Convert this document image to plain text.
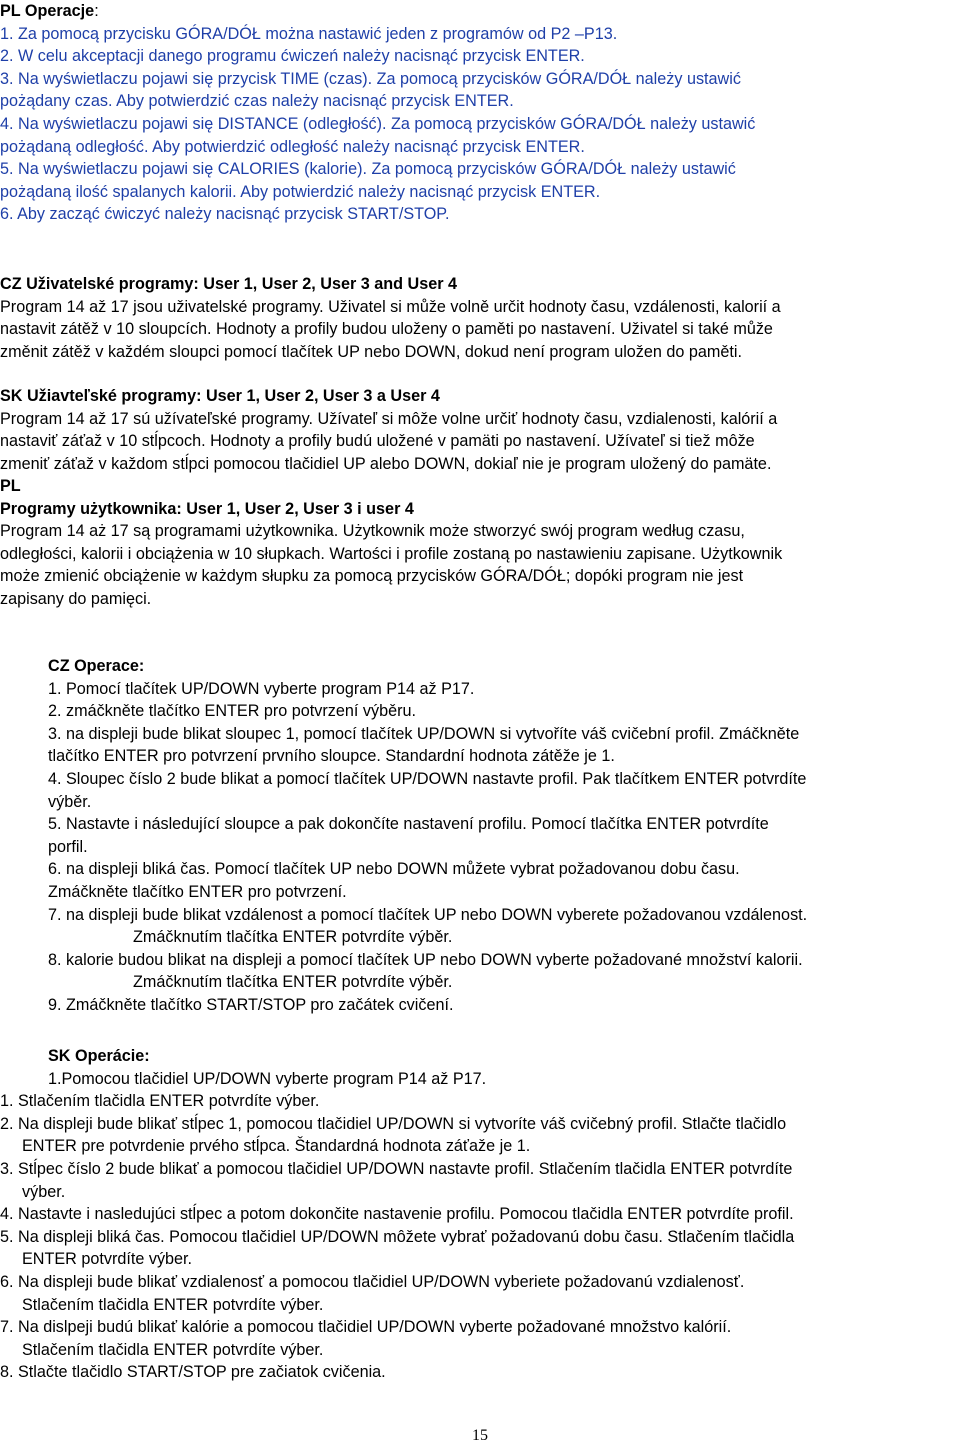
PL Operacje:

1. Za pomocą przycisku GÓRA/DÓŁ można nastawić jeden z programów od P2 –P13.

2. W celu akceptacji danego programu ćwiczeń należy nacisnąć przycisk ENTER.

3. Na wyświetlaczu pojawi się przycisk TIME (czas). Za pomocą przycisków GÓRA/DÓŁ należy ustawić

pożądany czas. Aby potwierdzić czas należy nacisnąć przycisk ENTER.

4. Na wyświetlaczu pojawi się DISTANCE (odległość). Za pomocą przycisków GÓRA/DÓŁ należy ustawić

pożądaną odległość. Aby potwierdzić odległość należy nacisnąć przycisk ENTER.

5. Na wyświetlaczu pojawi się CALORIES (kalorie). Za pomocą przycisków GÓRA/DÓŁ należy ustawić

pożądaną ilość spalanych kalorii. Aby potwierdzić należy nacisnąć przycisk ENTER.

6. Aby zacząć ćwiczyć należy nacisnąć przycisk START/STOP.

CZ Uživatelské programy: User 1, User 2, User 3 and User 4

Program 14 až 17 jsou uživatelské programy. Uživatel si může volně určit hodnoty času, vzdálenosti, kalorií a

nastavit zátěž v 10 sloupcích. Hodnoty a profily budou uloženy o paměti po nastavení. Uživatel si také může

změnit zátěž v každém sloupci pomocí tlačítek UP nebo DOWN, dokud není program uložen do paměti.

SK Užiavteľské programy: User 1, User 2, User 3 a User 4

Program 14 až 17 sú užívateľské programy. Užívateľ si môže volne určiť hodnoty času, vzdialenosti, kalórií a

nastaviť záťaž v 10 stĺpcoch. Hodnoty a profily budú uložené v pamäti po nastavení. Užívateľ si tiež môže

zmeniť záťaž v každom stĺpci pomocou tlačidiel UP alebo DOWN, dokiaľ nie je program uložený do pamäte.

PL

Programy użytkownika: User 1, User 2, User 3 i user 4

Program 14 aż 17 są programami użytkownika. Użytkownik może stworzyć swój program według czasu,

odległości, kalorii i obciążenia w 10 słupkach. Wartości i profile zostaną po nastawieniu zapisane. Użytkownik

może zmienić obciążenie w każdym słupku za pomocą przycisków GÓRA/DÓŁ; dopóki program nie jest

zapisany do pamięci.

CZ Operace:

1. Pomocí tlačítek UP/DOWN vyberte program P14 až P17.

2. zmáčkněte tlačítko ENTER pro potvrzení výběru.

3. na displeji bude blikat sloupec 1, pomocí tlačítek UP/DOWN si vytvoříte váš cvičební profil. Zmáčkněte

tlačítko ENTER pro potvrzení prvního sloupce. Standardní hodnota zátěže je 1.

4. Sloupec číslo 2 bude blikat a pomocí tlačítek UP/DOWN nastavte profil. Pak tlačítkem ENTER potvrdíte

výběr.

5. Nastavte i následující sloupce a pak dokončíte nastavení profilu. Pomocí tlačítka ENTER potvrdíte

porfil.

6. na displeji bliká čas. Pomocí tlačítek UP nebo DOWN můžete vybrat požadovanou dobu času.

Zmáčkněte tlačítko ENTER pro potvrzení.

7. na displeji bude blikat vzdálenost a pomocí tlačítek UP nebo DOWN vyberete požadovanou vzdálenost.

Zmáčknutím tlačítka ENTER potvrdíte výběr.

8. kalorie budou blikat na displeji a pomocí tlačítek UP nebo DOWN vyberte požadované množství kalorii.

Zmáčknutím tlačítka ENTER potvrdíte výběr.

9. Zmáčkněte tlačítko START/STOP pro začátek cvičení.

SK Operácie:

1.Pomocou tlačidiel UP/DOWN vyberte program P14 až P17.

1. Stlačením tlačidla ENTER potvrdíte výber.

2. Na displeji bude blikať stĺpec 1, pomocou tlačidiel UP/DOWN si vytvoríte váš cvičebný profil. Stlačte tlačidlo

ENTER pre potvrdenie prvého stĺpca. Štandardná hodnota záťaže je 1.

3. Stĺpec číslo 2 bude blikať a pomocou tlačidiel UP/DOWN nastavte profil. Stlačením tlačidla ENTER potvrdíte

výber.

4. Nastavte i nasledujúci stĺpec a potom dokončite nastavenie profilu. Pomocou tlačidla ENTER potvrdíte profil.

5. Na displeji bliká čas. Pomocou tlačidiel UP/DOWN môžete vybrať požadovanú dobu času. Stlačením tlačidla

ENTER potvrdíte výber.

6. Na displeji bude blikať vzdialenosť a pomocou tlačidiel UP/DOWN vyberiete požadovanú vzdialenosť.

Stlačením tlačidla ENTER potvrdíte výber.

7. Na dislpeji budú blikať kalórie a pomocou tlačidiel UP/DOWN vyberte požadované množstvo kalórií.

Stlačením tlačidla ENTER potvrdíte výber.

8. Stlačte tlačidlo START/STOP pre začiatok cvičenia.

15
